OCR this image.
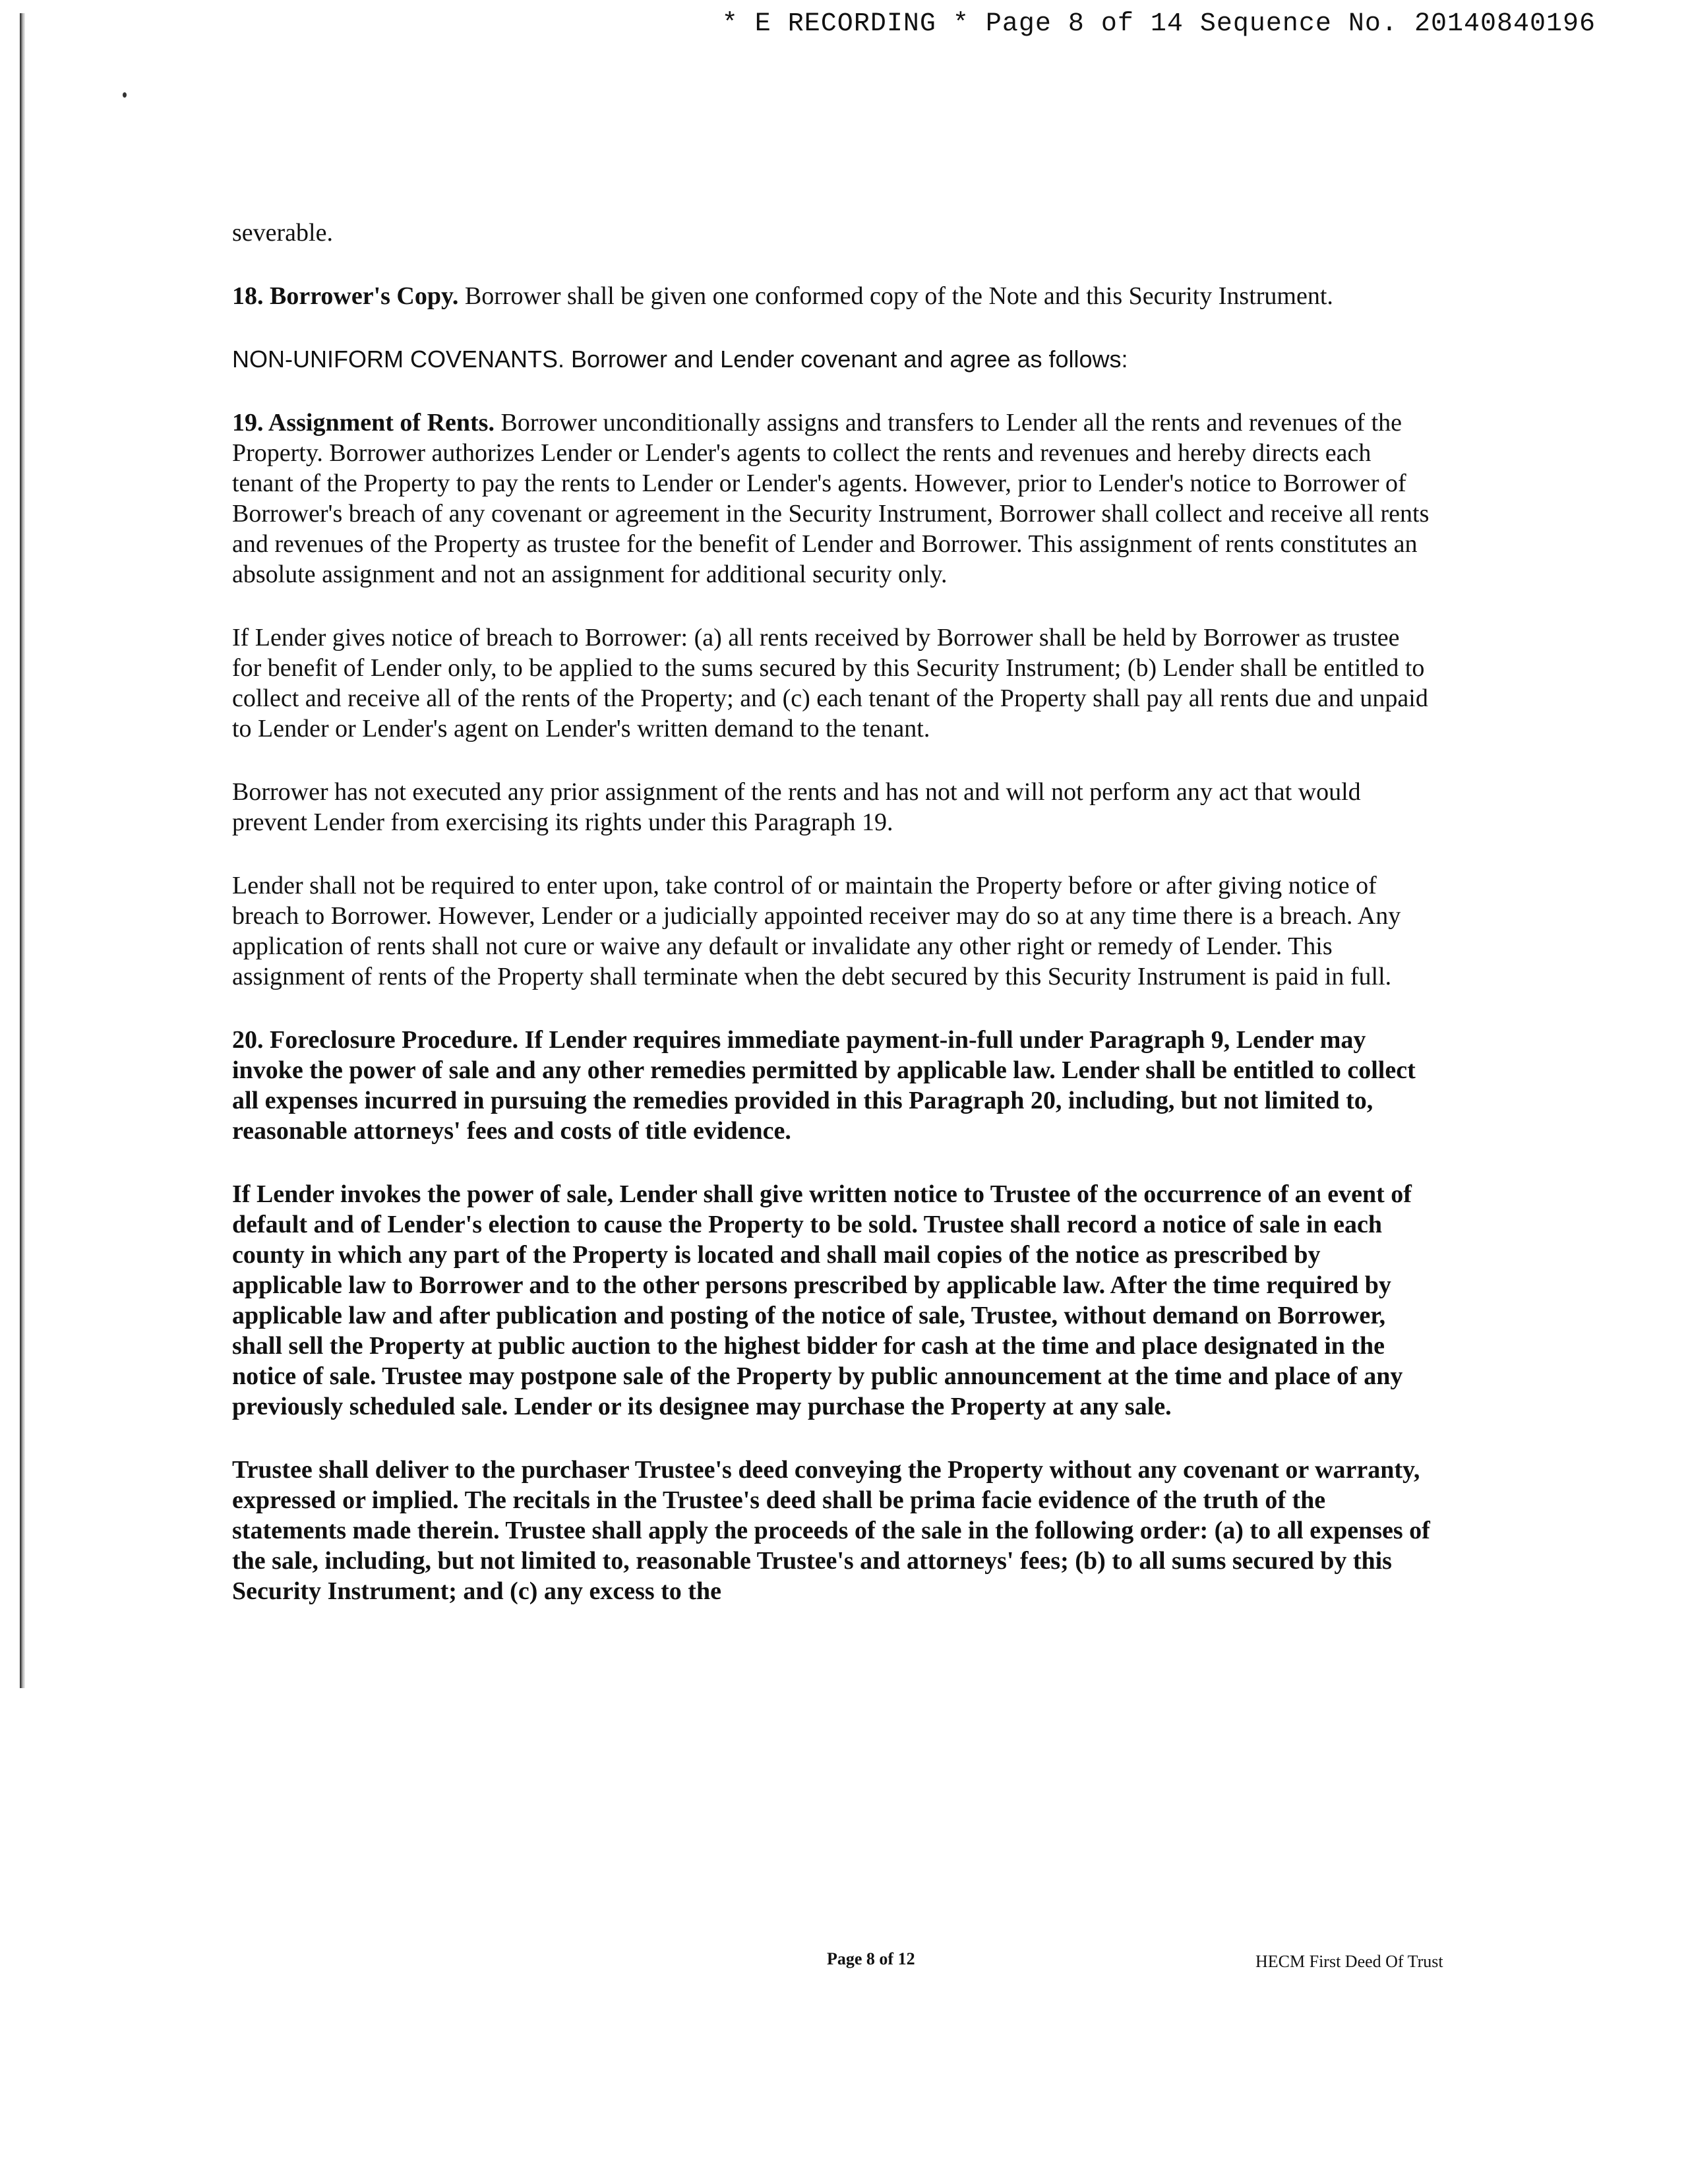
* E RECORDING * Page 8 of 14 Sequence No. 20140840196

severable.

18. Borrower's Copy. Borrower shall be given one conformed copy of the Note and this Security Instrument.

NON-UNIFORM COVENANTS. Borrower and Lender covenant and agree as follows:

19. Assignment of Rents. Borrower unconditionally assigns and transfers to Lender all the rents and revenues of the Property. Borrower authorizes Lender or Lender's agents to collect the rents and revenues and hereby directs each tenant of the Property to pay the rents to Lender or Lender's agents. However, prior to Lender's notice to Borrower of Borrower's breach of any covenant or agreement in the Security Instrument, Borrower shall collect and receive all rents and revenues of the Property as trustee for the benefit of Lender and Borrower. This assignment of rents constitutes an absolute assignment and not an assignment for additional security only.

If Lender gives notice of breach to Borrower: (a) all rents received by Borrower shall be held by Borrower as trustee for benefit of Lender only, to be applied to the sums secured by this Security Instrument; (b) Lender shall be entitled to collect and receive all of the rents of the Property; and (c) each tenant of the Property shall pay all rents due and unpaid to Lender or Lender's agent on Lender's written demand to the tenant.

Borrower has not executed any prior assignment of the rents and has not and will not perform any act that would prevent Lender from exercising its rights under this Paragraph 19.

Lender shall not be required to enter upon, take control of or maintain the Property before or after giving notice of breach to Borrower. However, Lender or a judicially appointed receiver may do so at any time there is a breach. Any application of rents shall not cure or waive any default or invalidate any other right or remedy of Lender. This assignment of rents of the Property shall terminate when the debt secured by this Security Instrument is paid in full.

20. Foreclosure Procedure. If Lender requires immediate payment-in-full under Paragraph 9, Lender may invoke the power of sale and any other remedies permitted by applicable law. Lender shall be entitled to collect all expenses incurred in pursuing the remedies provided in this Paragraph 20, including, but not limited to, reasonable attorneys' fees and costs of title evidence.

If Lender invokes the power of sale, Lender shall give written notice to Trustee of the occurrence of an event of default and of Lender's election to cause the Property to be sold. Trustee shall record a notice of sale in each county in which any part of the Property is located and shall mail copies of the notice as prescribed by applicable law to Borrower and to the other persons prescribed by applicable law. After the time required by applicable law and after publication and posting of the notice of sale, Trustee, without demand on Borrower, shall sell the Property at public auction to the highest bidder for cash at the time and place designated in the notice of sale. Trustee may postpone sale of the Property by public announcement at the time and place of any previously scheduled sale. Lender or its designee may purchase the Property at any sale.

Trustee shall deliver to the purchaser Trustee's deed conveying the Property without any covenant or warranty, expressed or implied. The recitals in the Trustee's deed shall be prima facie evidence of the truth of the statements made therein. Trustee shall apply the proceeds of the sale in the following order: (a) to all expenses of the sale, including, but not limited to, reasonable Trustee's and attorneys' fees; (b) to all sums secured by this Security Instrument; and (c) any excess to the

Page 8 of 12	HECM First Deed Of Trust
